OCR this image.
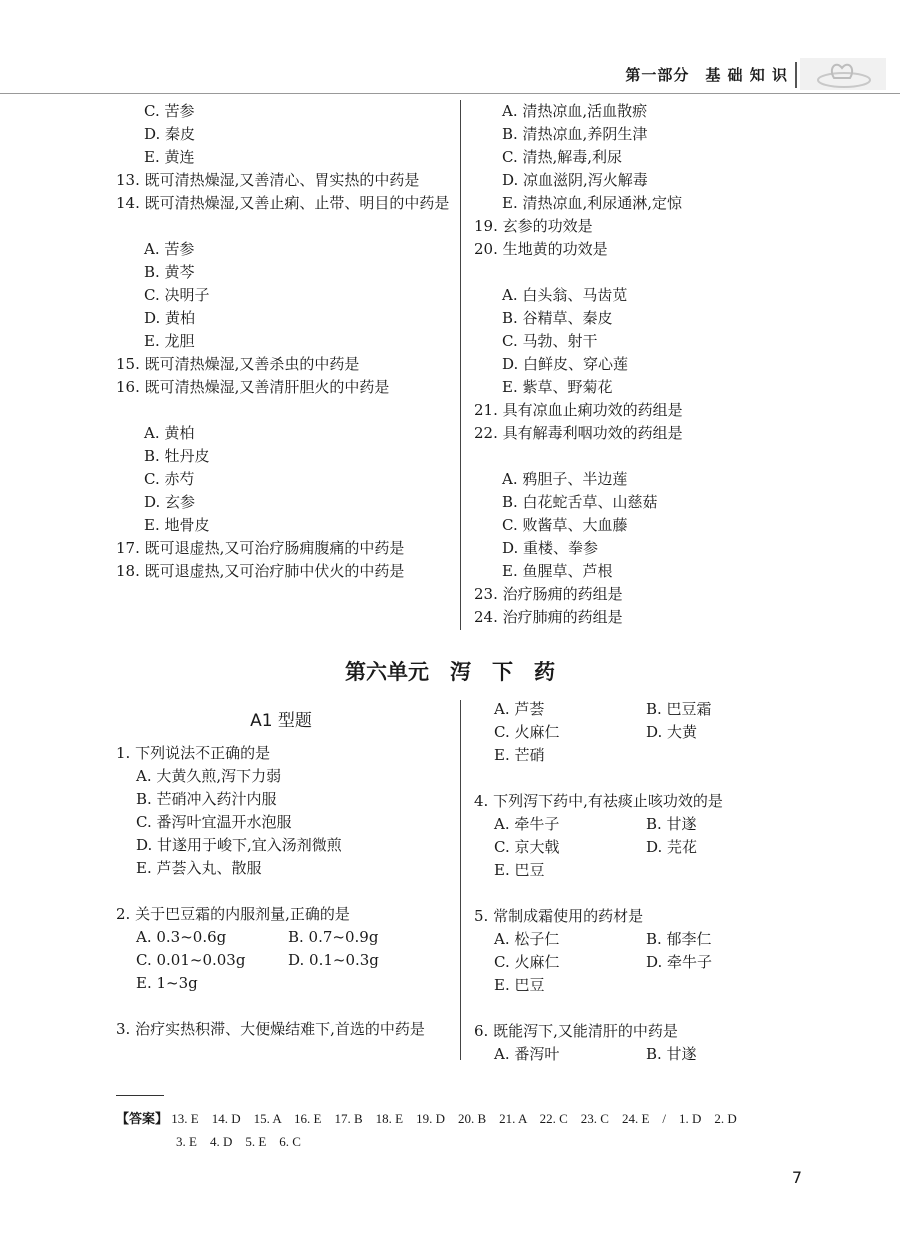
第一部分　基 础 知 识
C. 苦参
D. 秦皮
E. 黄连
13. 既可清热燥湿,又善清心、胃实热的中药是
14. 既可清热燥湿,又善止痢、止带、明目的中药是
A. 苦参
B. 黄芩
C. 决明子
D. 黄柏
E. 龙胆
15. 既可清热燥湿,又善杀虫的中药是
16. 既可清热燥湿,又善清肝胆火的中药是
A. 黄柏
B. 牡丹皮
C. 赤芍
D. 玄参
E. 地骨皮
17. 既可退虚热,又可治疗肠痈腹痛的中药是
18. 既可退虚热,又可治疗肺中伏火的中药是
A. 清热凉血,活血散瘀
B. 清热凉血,养阴生津
C. 清热,解毒,利尿
D. 凉血滋阴,泻火解毒
E. 清热凉血,利尿通淋,定惊
19. 玄参的功效是
20. 生地黄的功效是
A. 白头翁、马齿苋
B. 谷精草、秦皮
C. 马勃、射干
D. 白鲜皮、穿心莲
E. 紫草、野菊花
21. 具有凉血止痢功效的药组是
22. 具有解毒利咽功效的药组是
A. 鸦胆子、半边莲
B. 白花蛇舌草、山慈菇
C. 败酱草、大血藤
D. 重楼、拳参
E. 鱼腥草、芦根
23. 治疗肠痈的药组是
24. 治疗肺痈的药组是
第六单元　泻　下　药
A1 型题
1. 下列说法不正确的是
A. 大黄久煎,泻下力弱
B. 芒硝冲入药汁内服
C. 番泻叶宜温开水泡服
D. 甘遂用于峻下,宜入汤剂微煎
E. 芦荟入丸、散服
2. 关于巴豆霜的内服剂量,正确的是
A. 0.3~0.6g	B. 0.7~0.9g
C. 0.01~0.03g	D. 0.1~0.3g
E. 1~3g
3. 治疗实热积滞、大便燥结难下,首选的中药是
A. 芦荟	B. 巴豆霜
C. 火麻仁	D. 大黄
E. 芒硝
4. 下列泻下药中,有祛痰止咳功效的是
A. 牵牛子	B. 甘遂
C. 京大戟	D. 芫花
E. 巴豆
5. 常制成霜使用的药材是
A. 松子仁	B. 郁李仁
C. 火麻仁	D. 牵牛子
E. 巴豆
6. 既能泻下,又能清肝的中药是
A. 番泻叶	B. 甘遂
【答案】 13. E　14. D　15. A　16. E　17. B　18. E　19. D　20. B　21. A　22. C　23. C　24. E　/　1. D　2. D
3. E　4. D　5. E　6. C
7
